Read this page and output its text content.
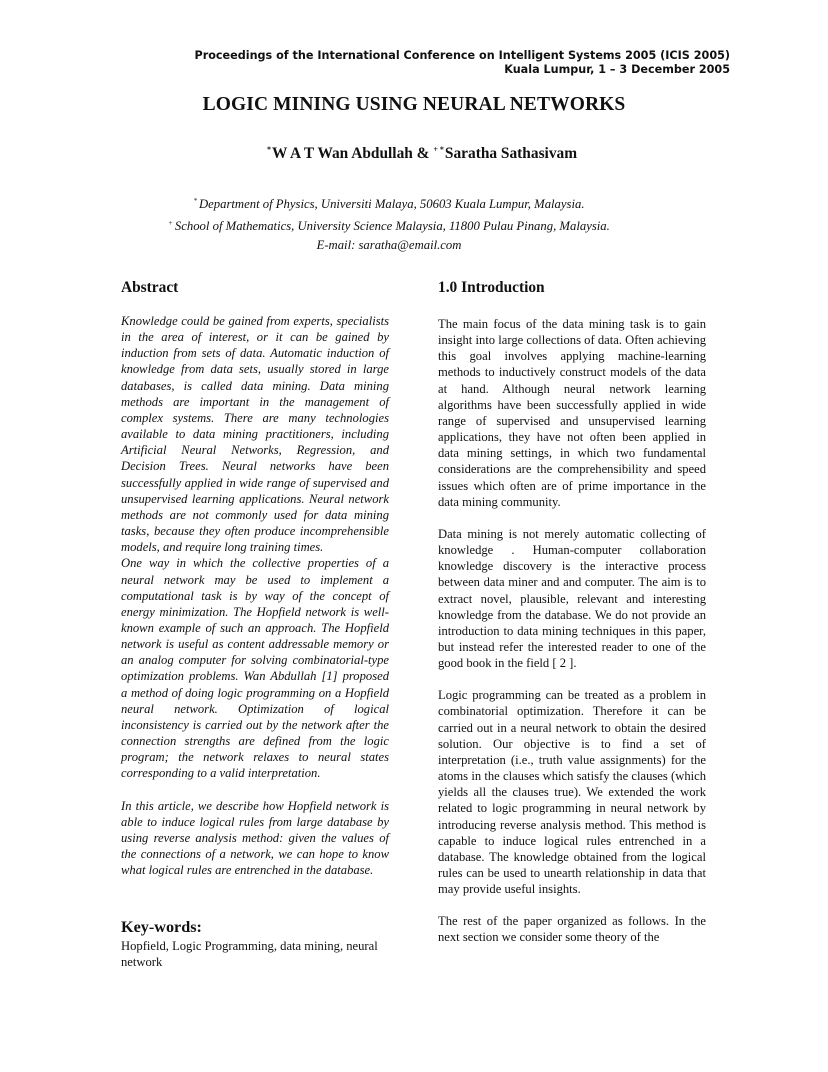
Proceedings of the International Conference on Intelligent Systems 2005 (ICIS 2005)
Kuala Lumpur, 1 – 3 December 2005
LOGIC MINING USING NEURAL NETWORKS
*W A T Wan Abdullah & + *Saratha Sathasivam
* Department of Physics, Universiti Malaya, 50603 Kuala Lumpur, Malaysia.
+ School of Mathematics, University Science Malaysia, 11800 Pulau Pinang, Malaysia.
E-mail: saratha@email.com
Abstract	1.0 Introduction

Knowledge could be gained from experts, specialists in the area of interest, or it can be gained by induction from sets of data. Automatic induction of knowledge from data sets, usually stored in large databases, is called data mining. Data mining methods are important in the management of complex systems. There are many technologies available to data mining practitioners, including Artificial Neural Networks, Regression, and Decision Trees. Neural networks have been successfully applied in wide range of supervised and unsupervised learning applications. Neural network methods are not commonly used for data mining tasks, because they often produce incomprehensible models, and require long training times.

One way in which the collective properties of a neural network may be used to implement a computational task is by way of the concept of energy minimization. The Hopfield network is well-known example of such an approach. The Hopfield network is useful as content addressable memory or an analog computer for solving combinatorial-type optimization problems. Wan Abdullah [1] proposed a method of doing logic programming on a Hopfield neural network. Optimization of logical inconsistency is carried out by the network after the connection strengths are defined from the logic program; the network relaxes to neural states corresponding to a valid interpretation.

In this article, we describe how Hopfield network is able to induce logical rules from large database by using reverse analysis method: given the values of the connections of a network, we can hope to know what logical rules are entrenched in the database.

Key-words:
Hopfield, Logic Programming, data mining, neural network

The main focus of the data mining task is to gain insight into large collections of data. Often achieving this goal involves applying machine-learning methods to inductively construct models of the data at hand. Although neural network learning algorithms have been successfully applied in wide range of supervised and unsupervised learning applications, they have not often been applied in data mining settings, in which two fundamental considerations are the comprehensibility and speed issues which often are of prime importance in the data mining community.

Data mining is not merely automatic collecting of knowledge . Human-computer collaboration knowledge discovery is the interactive process between data miner and and computer. The aim is to extract novel, plausible, relevant and interesting knowledge from the database. We do not provide an introduction to data mining techniques in this paper, but instead refer the interested reader to one of the good book in the field [ 2 ].

Logic programming can be treated as a problem in combinatorial optimization. Therefore it can be carried out in a neural network to obtain the desired solution. Our objective is to find a set of interpretation (i.e., truth value assignments) for the atoms in the clauses which satisfy the clauses (which yields all the clauses true). We extended the work related to logic programming in neural network by introducing reverse analysis method. This method is capable to induce logical rules entrenched in a database. The knowledge obtained from the logical rules can be used to unearth relationship in data that may provide useful insights.

The rest of the paper organized as follows. In the next section we consider some theory of the
